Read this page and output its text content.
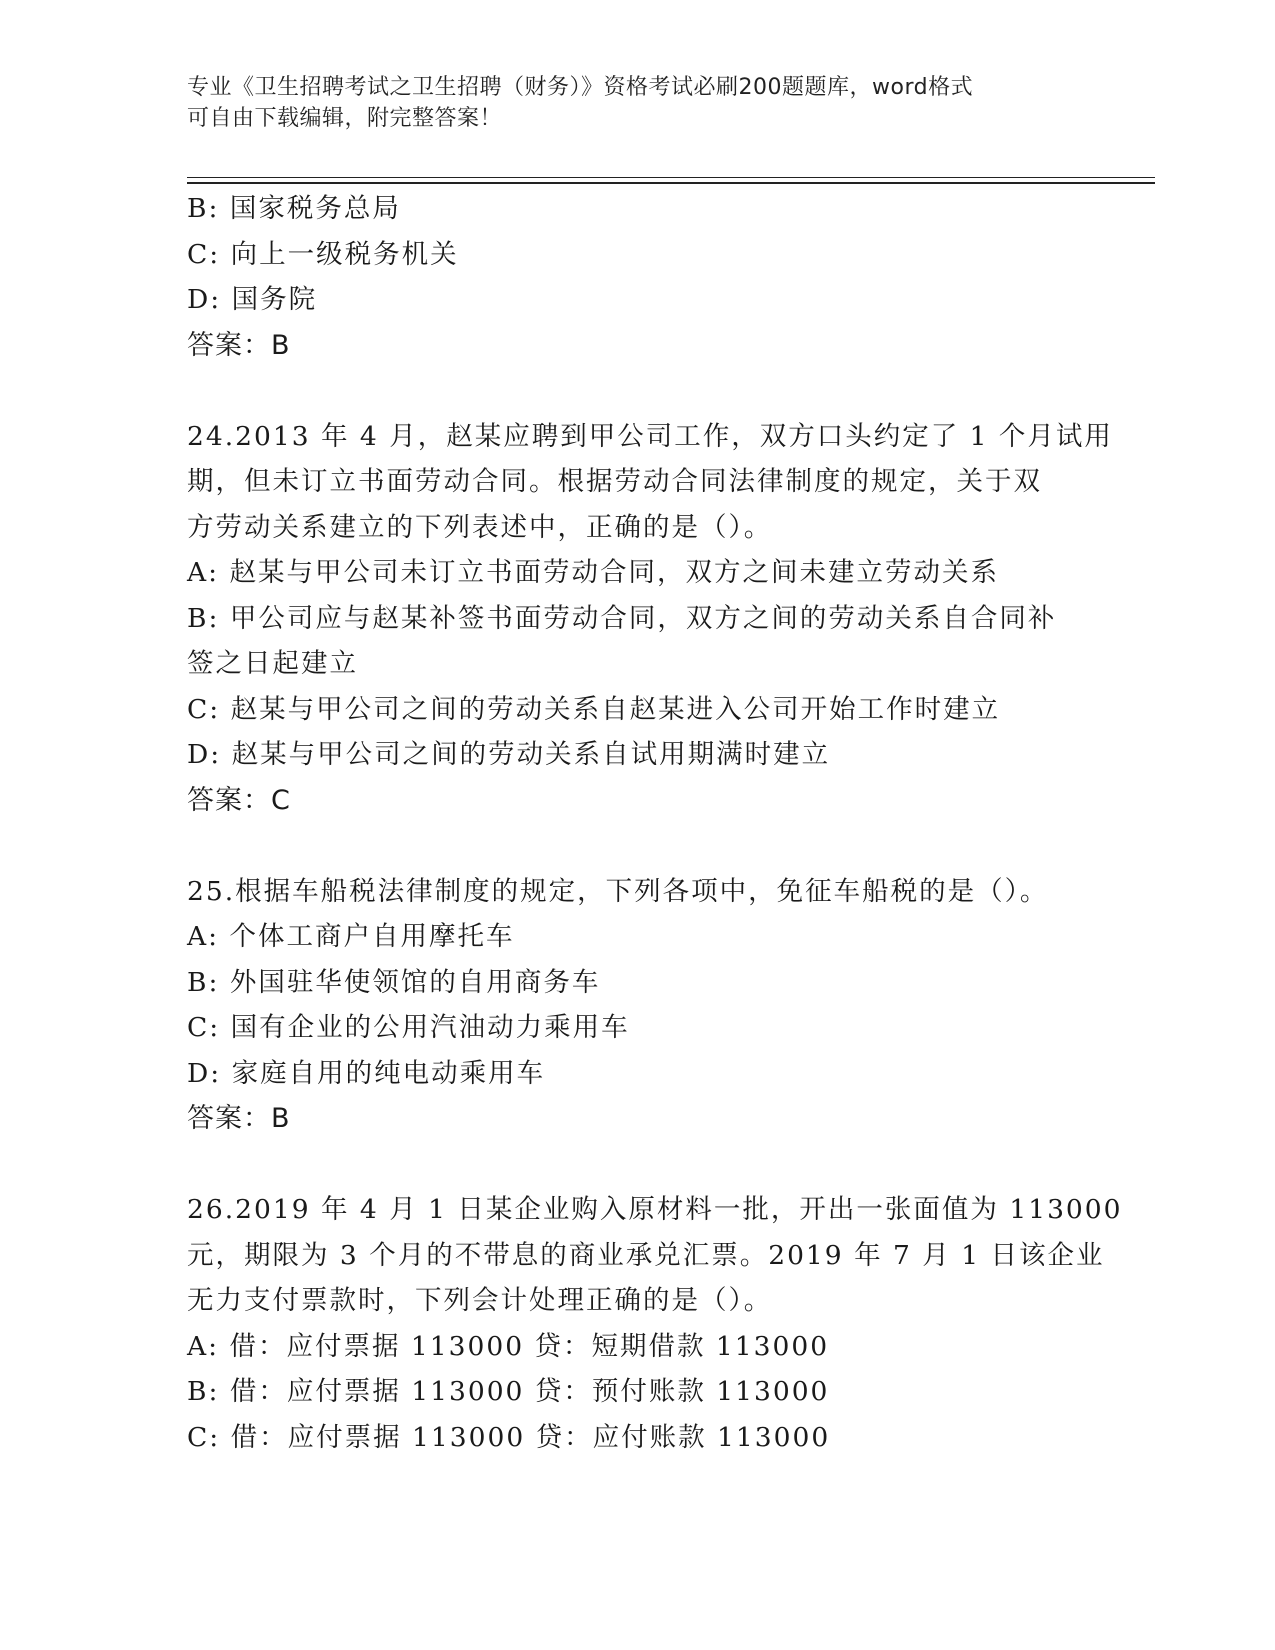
专业《卫生招聘考试之卫生招聘（财务）》资格考试必刷200题题库，word格式
可自由下载编辑，附完整答案！
B: 国家税务总局
C: 向上一级税务机关
D: 国务院
答案：B
24.2013 年 4 月，赵某应聘到甲公司工作，双方口头约定了 1 个月试用
期，但未订立书面劳动合同。根据劳动合同法律制度的规定，关于双
方劳动关系建立的下列表述中，正确的是（）。
A: 赵某与甲公司未订立书面劳动合同，双方之间未建立劳动关系
B: 甲公司应与赵某补签书面劳动合同，双方之间的劳动关系自合同补
签之日起建立
C: 赵某与甲公司之间的劳动关系自赵某进入公司开始工作时建立
D: 赵某与甲公司之间的劳动关系自试用期满时建立
答案：C
25.根据车船税法律制度的规定，下列各项中，免征车船税的是（）。
A: 个体工商户自用摩托车
B: 外国驻华使领馆的自用商务车
C: 国有企业的公用汽油动力乘用车
D: 家庭自用的纯电动乘用车
答案：B
26.2019 年 4 月 1 日某企业购入原材料一批，开出一张面值为 113000
元，期限为 3 个月的不带息的商业承兑汇票。2019 年 7 月 1 日该企业
无力支付票款时，下列会计处理正确的是（）。
A: 借：应付票据 113000 贷：短期借款 113000
B: 借：应付票据 113000 贷：预付账款 113000
C: 借：应付票据 113000 贷：应付账款 113000
